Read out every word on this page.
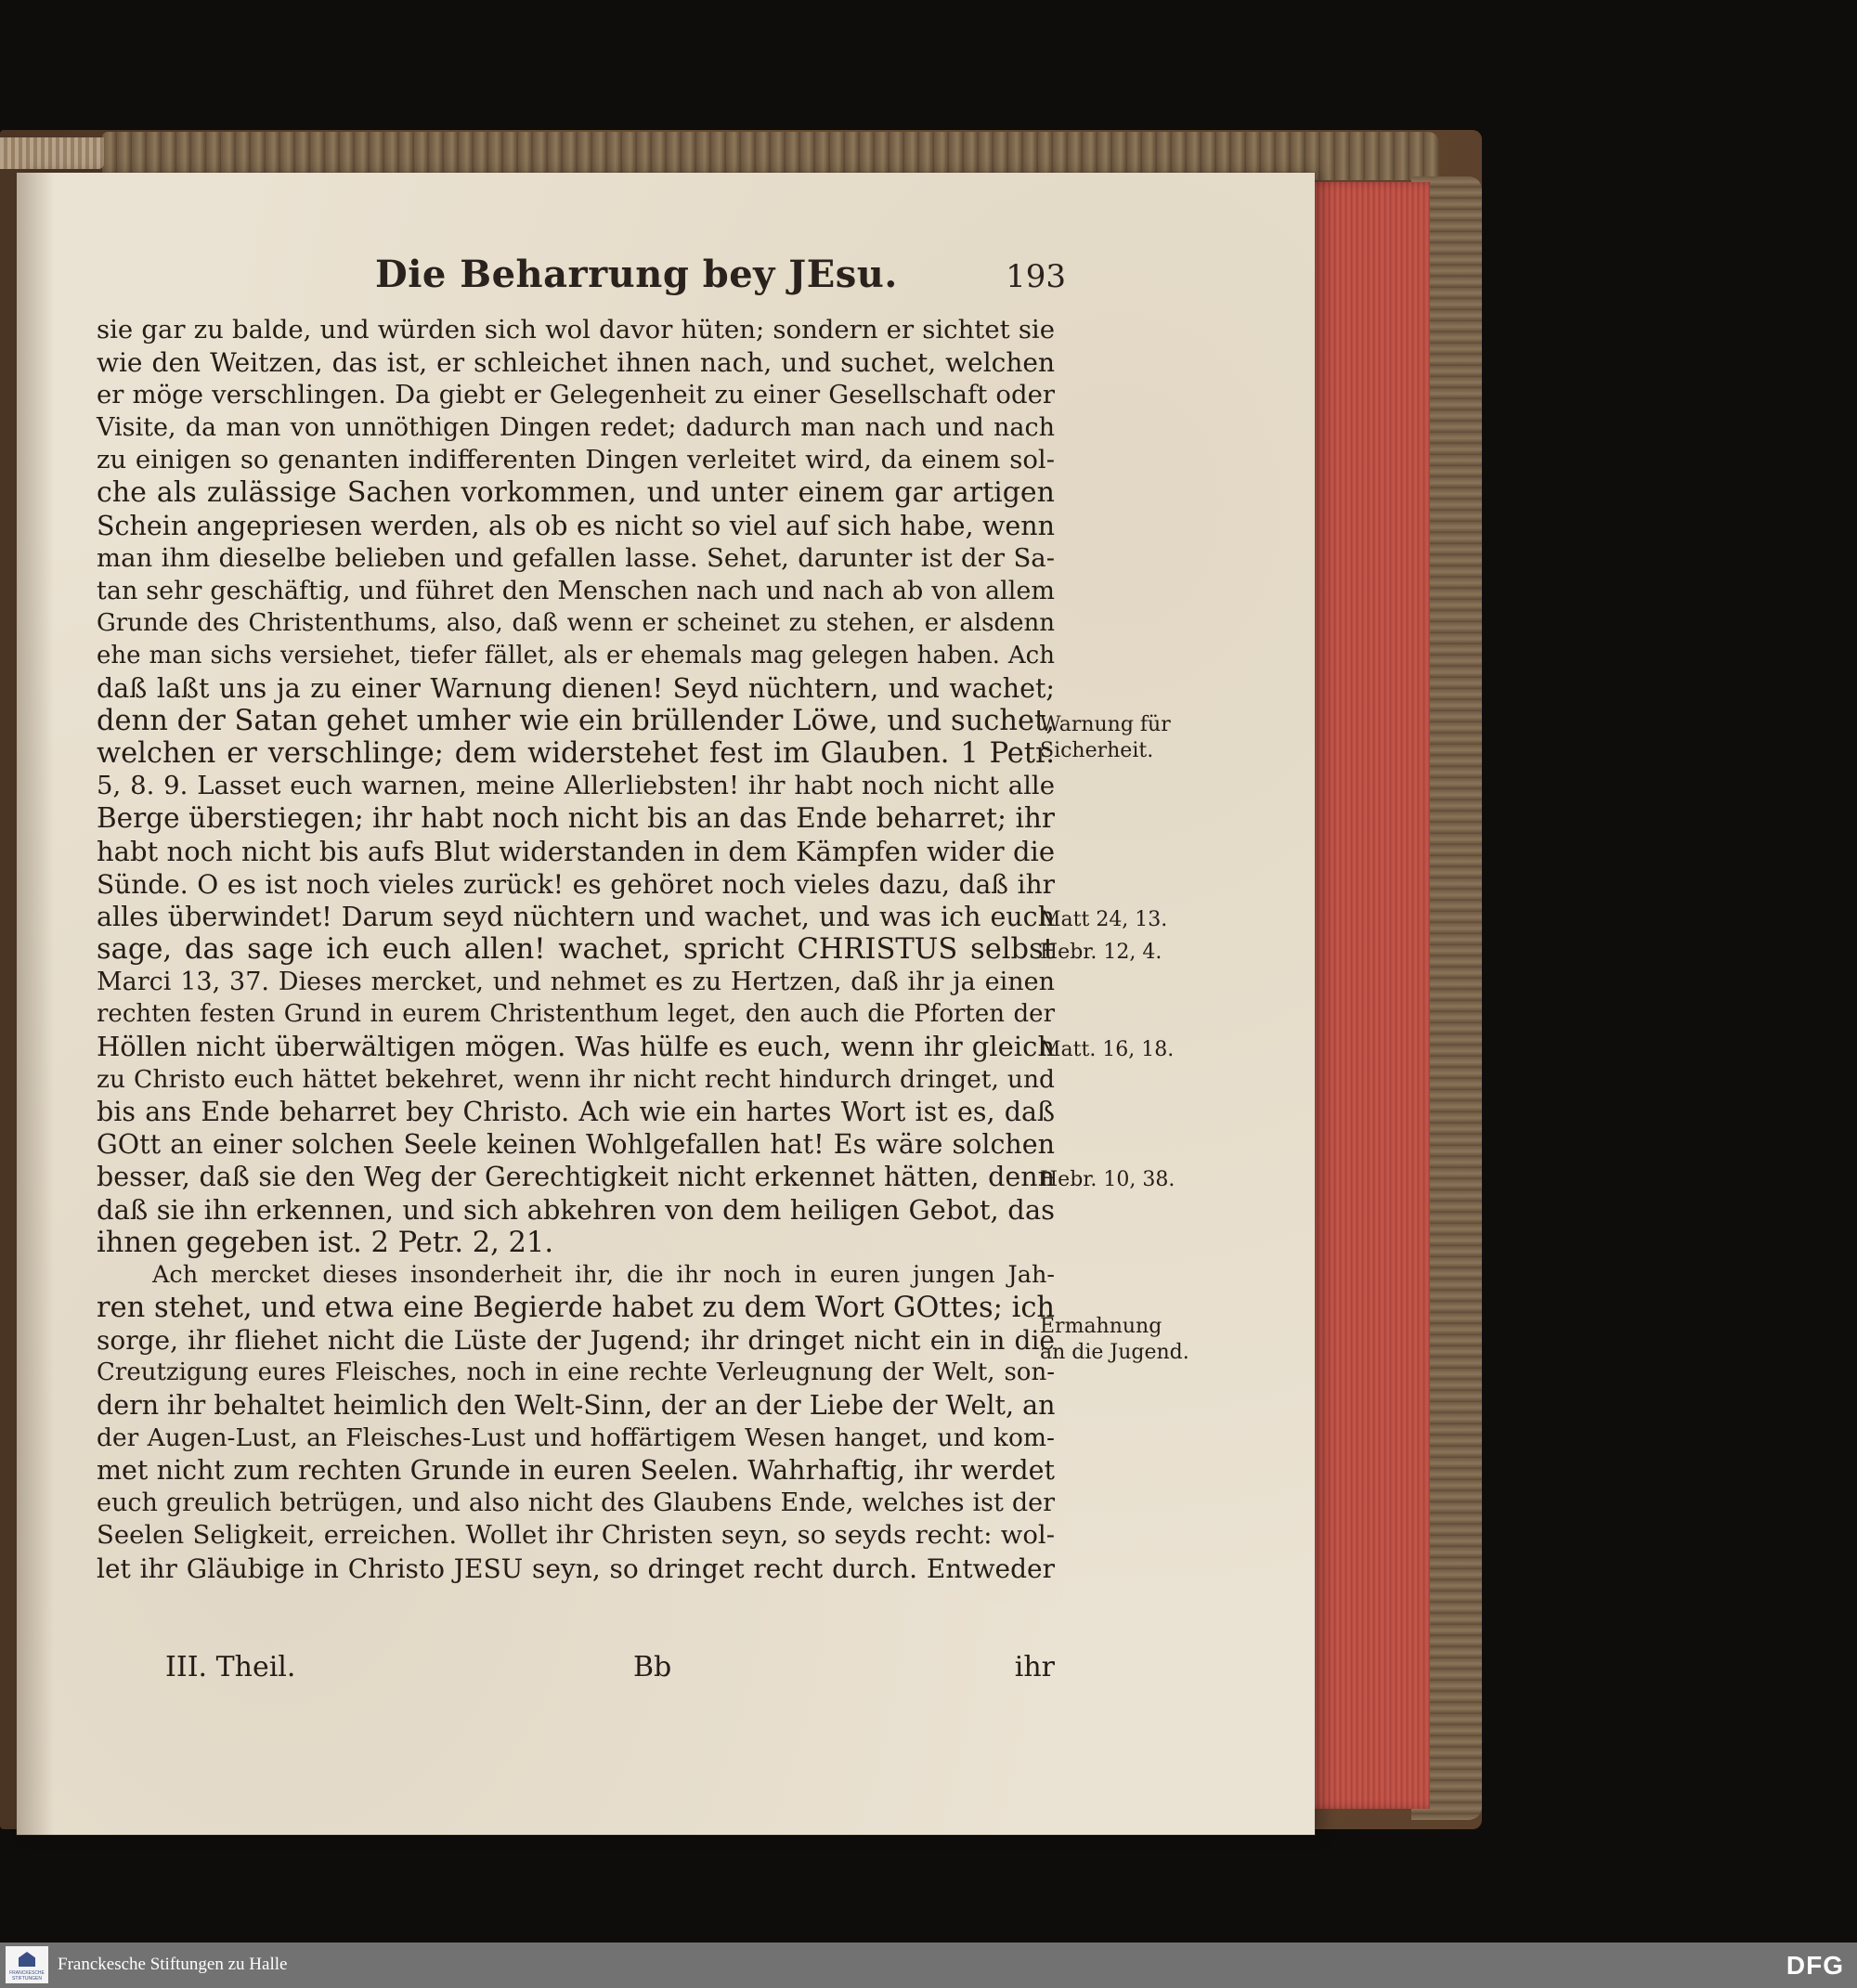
Die Beharrung bey JEsu.	193
sie gar zu balde, und würden sich wol davor hüten; sondern er sichtet sie
wie den Weitzen, das ist, er schleichet ihnen nach, und suchet, welchen
er möge verschlingen. Da giebt er Gelegenheit zu einer Gesellschaft oder
Visite, da man von unnöthigen Dingen redet; dadurch man nach und nach
zu einigen so genanten indifferenten Dingen verleitet wird, da einem sol-
che als zulässige Sachen vorkommen, und unter einem gar artigen
Schein angepriesen werden, als ob es nicht so viel auf sich habe, wenn
man ihm dieselbe belieben und gefallen lasse. Sehet, darunter ist der Sa-
tan sehr geschäftig, und führet den Menschen nach und nach ab von allem
Grunde des Christenthums, also, daß wenn er scheinet zu stehen, er alsdenn
ehe man sichs versiehet, tiefer fället, als er ehemals mag gelegen haben. Ach
daß laßt uns ja zu einer Warnung dienen! Seyd nüchtern, und wachet;
denn der Satan gehet umher wie ein brüllender Löwe, und suchet,
welchen er verschlinge; dem widerstehet fest im Glauben. 1 Petr.
5, 8. 9. Lasset euch warnen, meine Allerliebsten! ihr habt noch nicht alle
Berge überstiegen; ihr habt noch nicht bis an das Ende beharret; ihr
habt noch nicht bis aufs Blut widerstanden in dem Kämpfen wider die
Sünde. O es ist noch vieles zurück! es gehöret noch vieles dazu, daß ihr
alles überwindet! Darum seyd nüchtern und wachet, und was ich euch
sage, das sage ich euch allen! wachet, spricht CHRISTUS selbst
Marci 13, 37. Dieses mercket, und nehmet es zu Hertzen, daß ihr ja einen
rechten festen Grund in eurem Christenthum leget, den auch die Pforten der
Höllen nicht überwältigen mögen. Was hülfe es euch, wenn ihr gleich
zu Christo euch hättet bekehret, wenn ihr nicht recht hindurch dringet, und
bis ans Ende beharret bey Christo. Ach wie ein hartes Wort ist es, daß
GOtt an einer solchen Seele keinen Wohlgefallen hat! Es wäre solchen
besser, daß sie den Weg der Gerechtigkeit nicht erkennet hätten, denn
daß sie ihn erkennen, und sich abkehren von dem heiligen Gebot, das
ihnen gegeben ist. 2 Petr. 2, 21.
Ach mercket dieses insonderheit ihr, die ihr noch in euren jungen Jah-
ren stehet, und etwa eine Begierde habet zu dem Wort GOttes; ich
sorge, ihr fliehet nicht die Lüste der Jugend; ihr dringet nicht ein in die
Creutzigung eures Fleisches, noch in eine rechte Verleugnung der Welt, son-
dern ihr behaltet heimlich den Welt-Sinn, der an der Liebe der Welt, an
der Augen-Lust, an Fleisches-Lust und hoffärtigem Wesen hanget, und kom-
met nicht zum rechten Grunde in euren Seelen. Wahrhaftig, ihr werdet
euch greulich betrügen, und also nicht des Glaubens Ende, welches ist der
Seelen Seligkeit, erreichen. Wollet ihr Christen seyn, so seyds recht: wol-
let ihr Gläubige in Christo JESU seyn, so dringet recht durch. Entweder
Warnung für
Sicherheit.
Matt 24, 13.
Hebr. 12, 4.
Matt. 16, 18.
Hebr. 10, 38.
Ermahnung
an die Jugend.
III. Theil.	Bb	ihr
FRANCKESCHE STIFTUNGEN
Franckesche Stiftungen zu Halle	DFG
